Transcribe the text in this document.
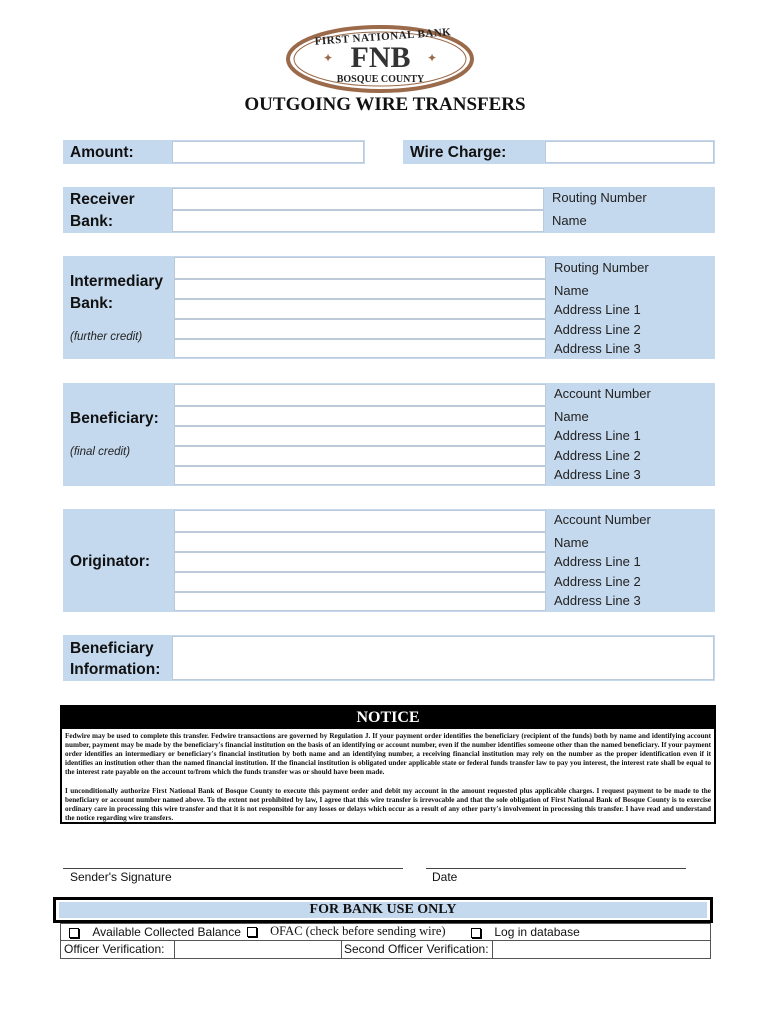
✦	✦
FIRST NATIONAL BANK
FNB
BOSQUE COUNTY
OUTGOING WIRE TRANSFERS
Amount:	Wire Charge:
Receiver
Bank:
Routing Number
Name
Intermediary
Bank:
(further credit)
Routing Number
Name
Address Line 1
Address Line 2
Address Line 3
Beneficiary:
(final credit)
Account Number
Name
Address Line 1
Address Line 2
Address Line 3
Originator:
Account Number
Name
Address Line 1
Address Line 2
Address Line 3
Beneficiary
Information:
NOTICE
Fedwire may be used to complete this transfer. Fedwire transactions are governed by Regulation J. If your payment order identifies the beneficiary (recipient of the funds) both by name and identifying account number, payment may be made by the beneficiary's financial institution on the basis of an identifying or account number, even if the number identifies someone other than the named beneficiary. If your payment order identifies an intermediary or beneficiary's financial institution by both name and an identifying number, a receiving financial institution may rely on the number as the proper identification even if it identifies an institution other than the named financial institution. If the financial institution is obligated under applicable state or federal funds transfer law to pay you interest, the interest rate shall be equal to the interest rate payable on the account to/from which the funds transfer was or should have been made.
I unconditionally authorize First National Bank of Bosque County to execute this payment order and debit my account in the amount requested plus applicable charges. I request payment to be made to the beneficiary or account number named above. To the extent not prohibited by law, I agree that this wire transfer is irrevocable and that the sole obligation of First National Bank of Bosque County is to exercise ordinary care in processing this wire transfer and that it is not responsible for any losses or delays which occur as a result of any other party's involvement in processing this transfer. I have read and understand the notice regarding wire transfers.
Sender's Signature	Date
FOR BANK USE ONLY
Available Collected Balance	OFAC (check before sending wire)	Log in database
Officer Verification:	Second Officer Verification:
